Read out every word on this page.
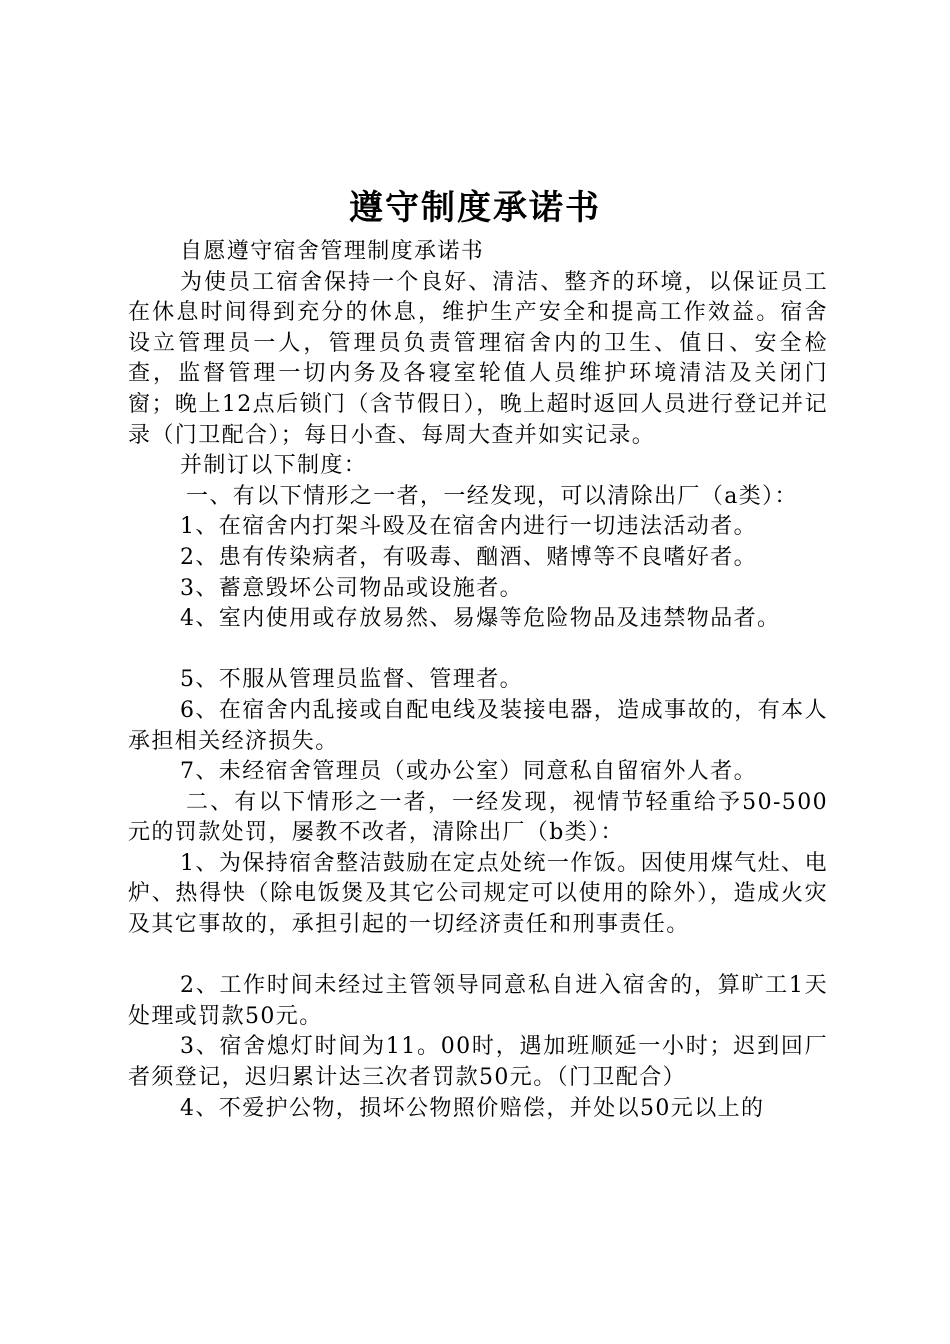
遵守制度承诺书

自愿遵守宿舍管理制度承诺书

为使员工宿舍保持一个良好、清洁、整齐的环境，以保证员工在休息时间得到充分的休息，维护生产安全和提高工作效益。宿舍设立管理员一人，管理员负责管理宿舍内的卫生、值日、安全检查，监督管理一切内务及各寝室轮值人员维护环境清洁及关闭门窗；晚上12点后锁门（含节假日），晚上超时返回人员进行登记并记录（门卫配合）；每日小查、每周大查并如实记录。

并制订以下制度：

一、有以下情形之一者，一经发现，可以清除出厂（a类）：

1、在宿舍内打架斗殴及在宿舍内进行一切违法活动者。

2、患有传染病者，有吸毒、酗酒、赌博等不良嗜好者。

3、蓄意毁坏公司物品或设施者。

4、室内使用或存放易然、易爆等危险物品及违禁物品者。

5、不服从管理员监督、管理者。

6、在宿舍内乱接或自配电线及装接电器，造成事故的，有本人承担相关经济损失。

7、未经宿舍管理员（或办公室）同意私自留宿外人者。

二、有以下情形之一者，一经发现，视情节轻重给予50-500元的罚款处罚，屡教不改者，清除出厂（b类）：

1、为保持宿舍整洁鼓励在定点处统一作饭。因使用煤气灶、电炉、热得快（除电饭煲及其它公司规定可以使用的除外），造成火灾及其它事故的，承担引起的一切经济责任和刑事责任。

2、工作时间未经过主管领导同意私自进入宿舍的，算旷工1天处理或罚款50元。

3、宿舍熄灯时间为11。00时，遇加班顺延一小时；迟到回厂者须登记，迟归累计达三次者罚款50元。（门卫配合）

4、不爱护公物，损坏公物照价赔偿，并处以50元以上的
